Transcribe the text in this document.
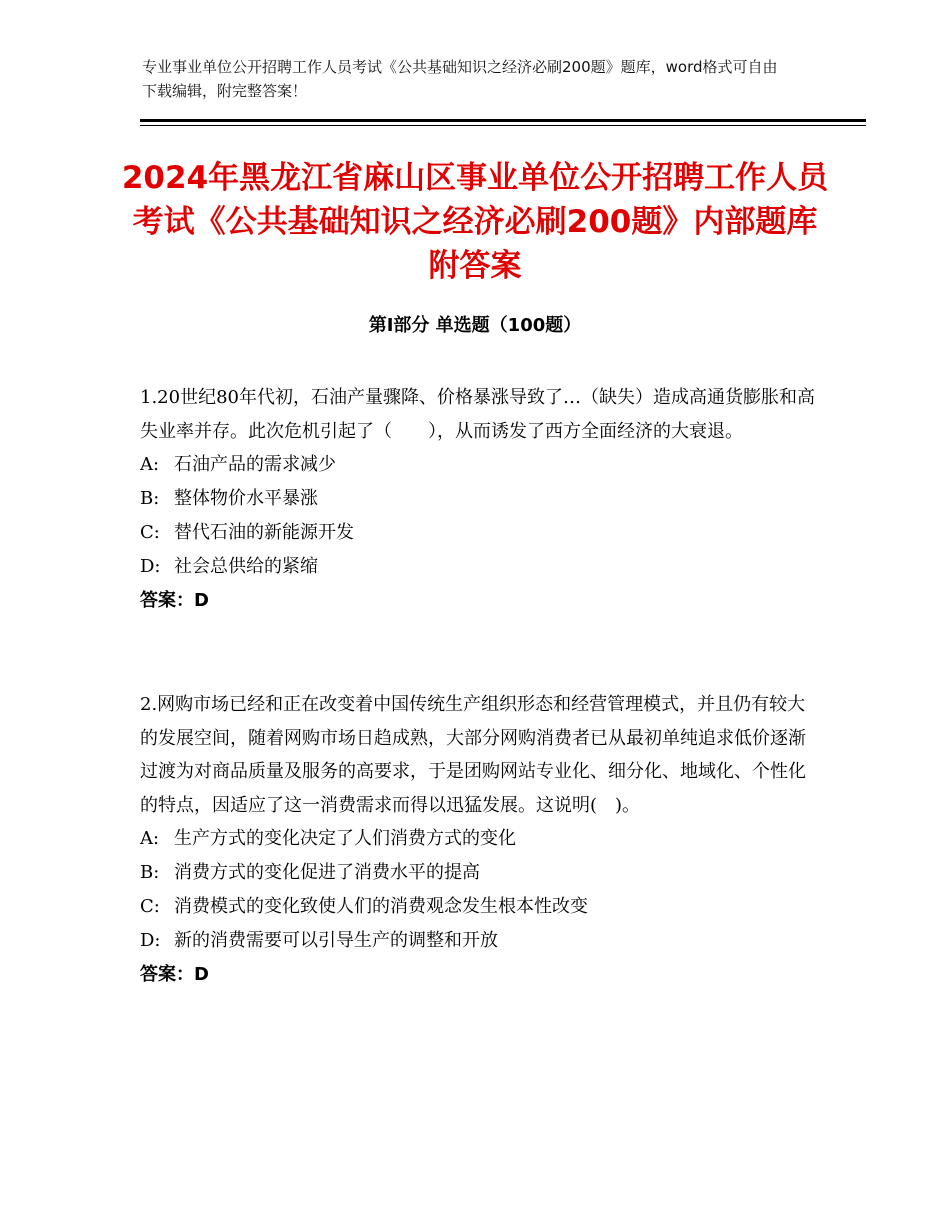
专业事业单位公开招聘工作人员考试《公共基础知识之经济必刷200题》题库，word格式可自由下载编辑，附完整答案！
2024年黑龙江省麻山区事业单位公开招聘工作人员考试《公共基础知识之经济必刷200题》内部题库附答案
第Ⅰ部分 单选题（100题）
1.20世纪80年代初，石油产量骤降、价格暴涨导致了…（缺失）造成高通货膨胀和高失业率并存。此次危机引起了（　　），从而诱发了西方全面经济的大衰退。
A: 石油产品的需求减少
B: 整体物价水平暴涨
C: 替代石油的新能源开发
D: 社会总供给的紧缩
答案：D
2.网购市场已经和正在改变着中国传统生产组织形态和经营管理模式，并且仍有较大的发展空间，随着网购市场日趋成熟，大部分网购消费者已从最初单纯追求低价逐渐过渡为对商品质量及服务的高要求，于是团购网站专业化、细分化、地域化、个性化的特点，因适应了这一消费需求而得以迅猛发展。这说明(　)。
A: 生产方式的变化决定了人们消费方式的变化
B: 消费方式的变化促进了消费水平的提高
C: 消费模式的变化致使人们的消费观念发生根本性改变
D: 新的消费需要可以引导生产的调整和开放
答案：D
